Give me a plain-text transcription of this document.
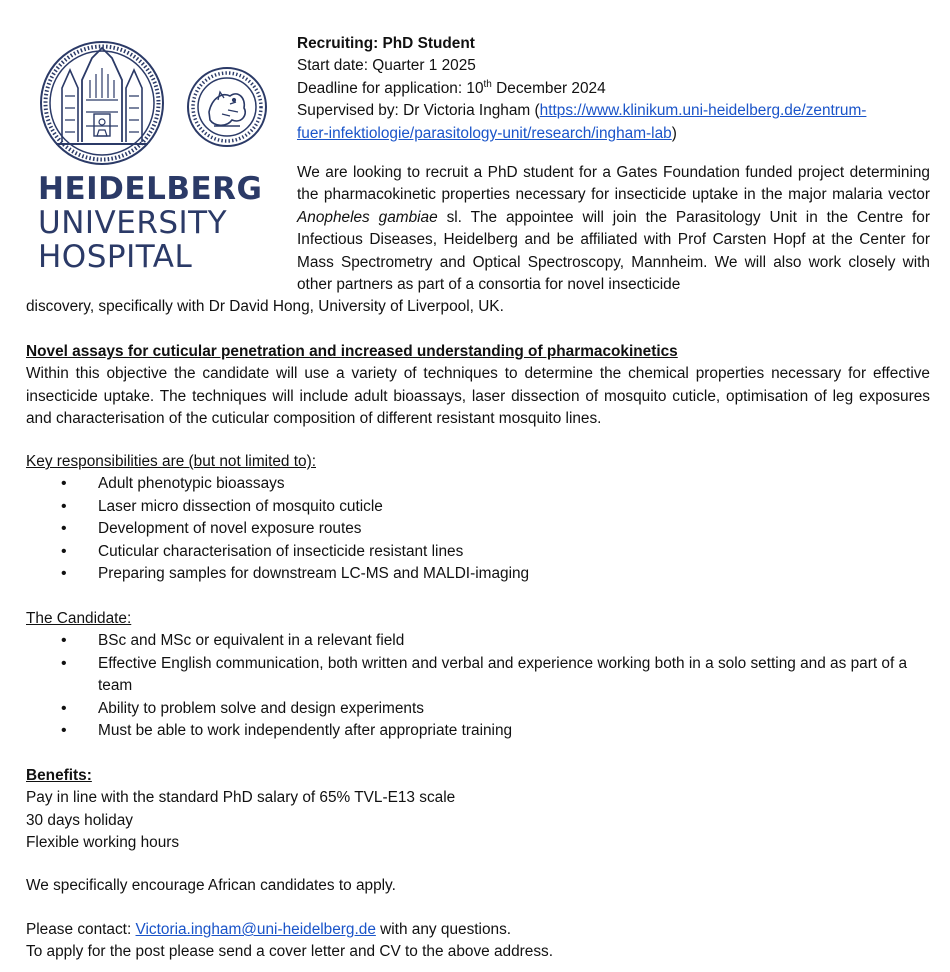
HEIDELBERG
UNIVERSITY
HOSPITAL

Recruiting: PhD Student

Start date: Quarter 1 2025

Deadline for application: 10th December 2024

Supervised by: Dr Victoria Ingham (https://www.klinikum.uni-heidelberg.de/zentrum-

fuer-infektiologie/parasitology-unit/research/ingham-lab)

We are looking to recruit a PhD student for a Gates Foundation funded project determining the pharmacokinetic properties necessary for insecticide uptake in the major malaria vector Anopheles gambiae sl. The appointee will join the Parasitology Unit in the Centre for Infectious Diseases, Heidelberg and be affiliated with Prof Carsten Hopf at the Center for Mass Spectrometry and Optical Spectroscopy, Mannheim. We will also work closely with other partners as part of a consortia for novel insecticide

discovery, specifically with Dr David Hong, University of Liverpool, UK.

Novel assays for cuticular penetration and increased understanding of pharmacokinetics

Within this objective the candidate will use a variety of techniques to determine the chemical properties necessary for effective insecticide uptake. The techniques will include adult bioassays, laser dissection of mosquito cuticle, optimisation of leg exposures and characterisation of the cuticular composition of different resistant mosquito lines.

Key responsibilities are (but not limited to):

• Adult phenotypic bioassays
• Laser micro dissection of mosquito cuticle
• Development of novel exposure routes
• Cuticular characterisation of insecticide resistant lines
• Preparing samples for downstream LC-MS and MALDI-imaging

The Candidate:

• BSc and MSc or equivalent in a relevant field
• Effective English communication, both written and verbal and experience working both in a solo setting and as part of a team
• Ability to problem solve and design experiments
• Must be able to work independently after appropriate training

Benefits:

Pay in line with the standard PhD salary of 65% TVL-E13 scale

30 days holiday

Flexible working hours

We specifically encourage African candidates to apply.

Please contact: Victoria.ingham@uni-heidelberg.de with any questions.

To apply for the post please send a cover letter and CV to the above address.
